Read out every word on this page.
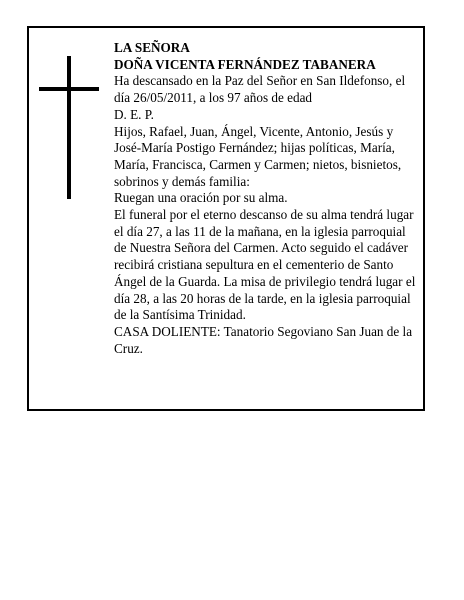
LA SEÑORA

DOÑA VICENTA FERNÁNDEZ TABANERA

Ha descansado en la Paz del Señor en San Ildefonso, el día 26/05/2011, a los 97 años de edad

D. E. P.

Hijos, Rafael, Juan, Ángel, Vicente, Antonio, Jesús y José-María Postigo Fernández; hijas políticas, María, María, Francisca, Carmen y Carmen; nietos, bisnietos, sobrinos y demás familia:

Ruegan una oración por su alma.

El funeral por el eterno descanso de su alma tendrá lugar el día 27, a las 11 de la mañana, en la iglesia parroquial de Nuestra Señora del Carmen. Acto seguido el cadáver recibirá cristiana sepultura en el cementerio de Santo Ángel de la Guarda. La misa de privilegio tendrá lugar el día 28, a las 20 horas de la tarde, en la iglesia parroquial de la Santísima Trinidad.

CASA DOLIENTE: Tanatorio Segoviano San Juan de la Cruz.
